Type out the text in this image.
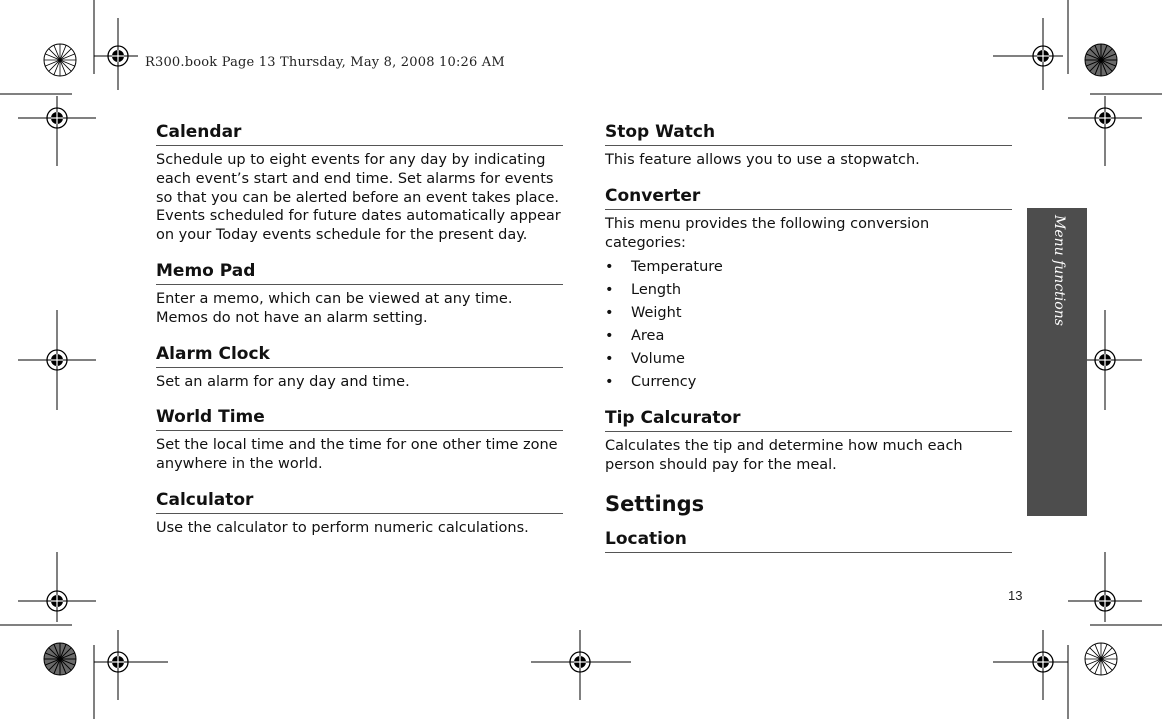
R300.book Page 13 Thursday, May 8, 2008 10:26 AM
Calendar

Schedule up to eight events for any day by indicating each event’s start and end time. Set alarms for events so that you can be alerted before an event takes place. Events scheduled for future dates automatically appear on your Today events schedule for the present day.

Memo Pad

Enter a memo, which can be viewed at any time. Memos do not have an alarm setting.

Alarm Clock

Set an alarm for any day and time.

World Time

Set the local time and the time for one other time zone anywhere in the world.

Calculator

Use the calculator to perform numeric calculations.

Stop Watch

This feature allows you to use a stopwatch.

Converter

This menu provides the following conversion categories:

• Temperature
• Length
• Weight
• Area
• Volume
• Currency
Tip Calcurator

Calculates the tip and determine how much each person should pay for the meal.

Settings
Location
Menu functions
13
